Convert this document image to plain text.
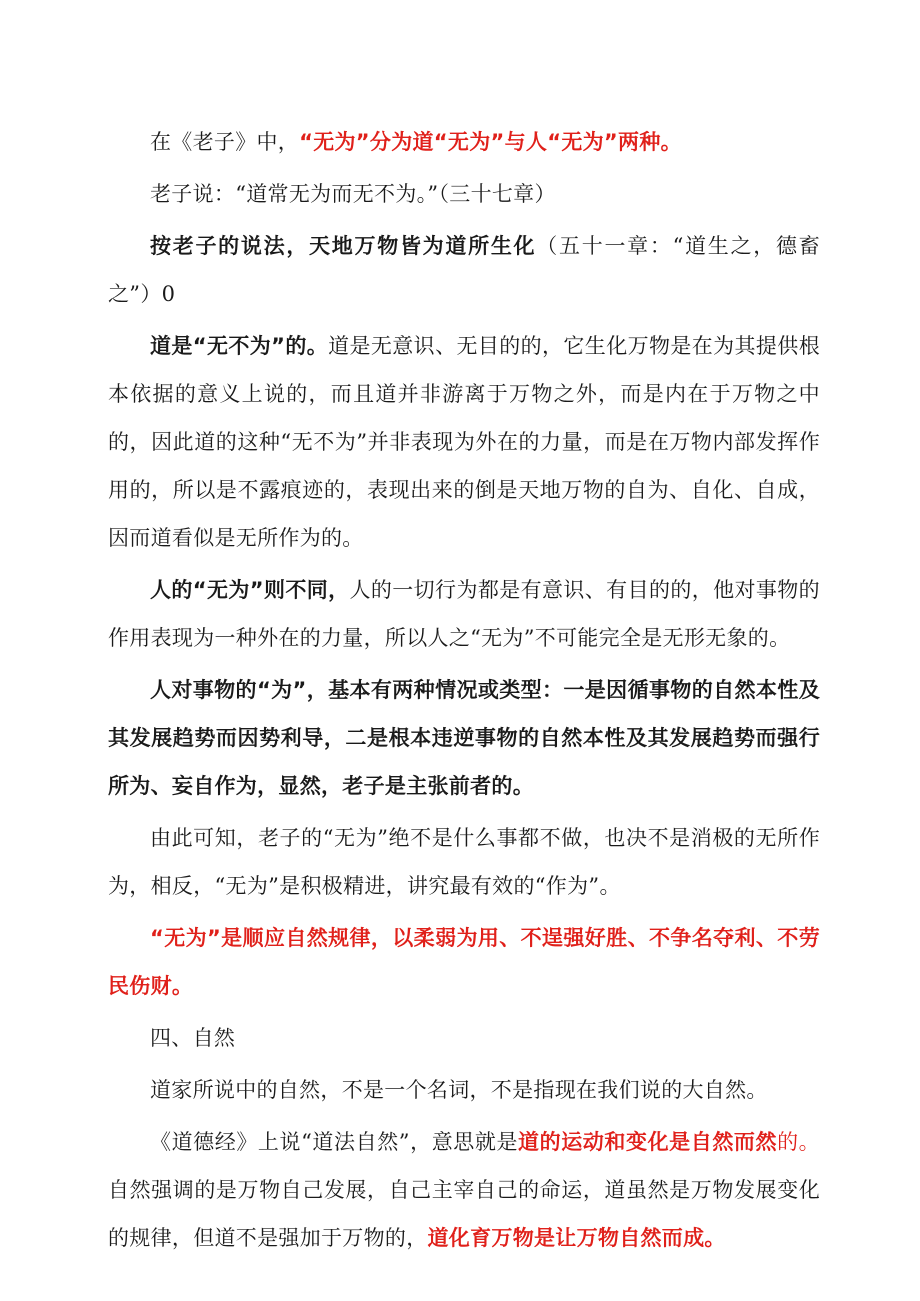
在《老子》中，“无为”分为道“无为”与人“无为”两种。

老子说：“道常无为而无不为。”（三十七章）

按老子的说法，天地万物皆为道所生化（五十一章：“道生之，德畜之”）0

道是“无不为”的。道是无意识、无目的的，它生化万物是在为其提供根本依据的意义上说的，而且道并非游离于万物之外，而是内在于万物之中的，因此道的这种“无不为”并非表现为外在的力量，而是在万物内部发挥作用的，所以是不露痕迹的，表现出来的倒是天地万物的自为、自化、自成，因而道看似是无所作为的。

人的“无为”则不同，人的一切行为都是有意识、有目的的，他对事物的作用表现为一种外在的力量，所以人之“无为”不可能完全是无形无象的。

人对事物的“为”，基本有两种情况或类型：一是因循事物的自然本性及其发展趋势而因势利导，二是根本违逆事物的自然本性及其发展趋势而强行所为、妄自作为，显然，老子是主张前者的。

由此可知，老子的“无为”绝不是什么事都不做，也决不是消极的无所作为，相反，“无为”是积极精进，讲究最有效的“作为”。

“无为”是顺应自然规律，以柔弱为用、不逞强好胜、不争名夺利、不劳民伤财。

四、自然

道家所说中的自然，不是一个名词，不是指现在我们说的大自然。

《道德经》上说“道法自然”，意思就是道的运动和变化是自然而然的。自然强调的是万物自己发展，自己主宰自己的命运，道虽然是万物发展变化的规律，但道不是强加于万物的，道化育万物是让万物自然而成。
